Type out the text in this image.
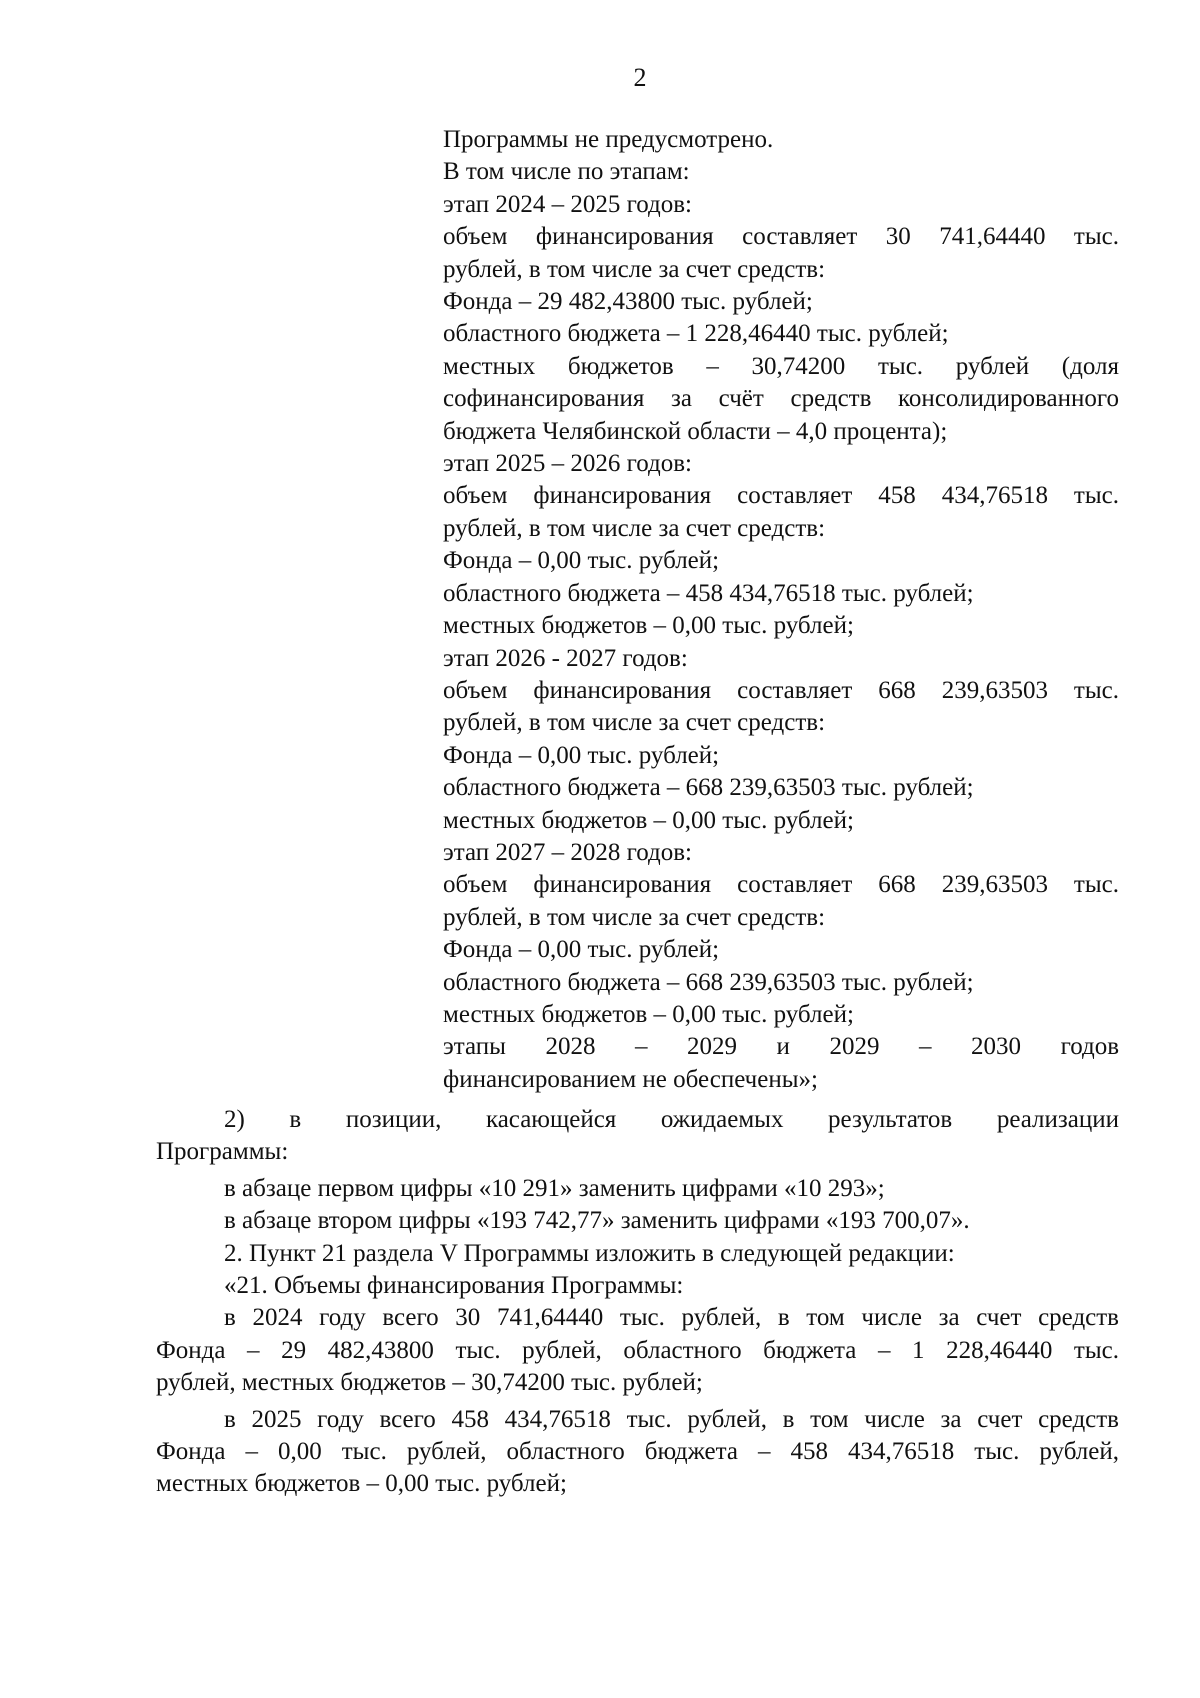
2

Программы не предусмотрено.

В том числе по этапам:

этап 2024 – 2025 годов:

объем финансирования составляет 30 741,64440 тыс.

рублей, в том числе за счет средств:

Фонда – 29 482,43800 тыс. рублей;

областного бюджета – 1 228,46440 тыс. рублей;

местных бюджетов – 30,74200 тыс. рублей (доля

софинансирования за счёт средств консолидированного

бюджета Челябинской области – 4,0 процента);

этап 2025 – 2026 годов:

объем финансирования составляет 458 434,76518 тыс.

рублей, в том числе за счет средств:

Фонда – 0,00 тыс. рублей;

областного бюджета – 458 434,76518 тыс. рублей;

местных бюджетов – 0,00 тыс. рублей;

этап 2026 - 2027 годов:

объем финансирования составляет 668 239,63503 тыс.

рублей, в том числе за счет средств:

Фонда – 0,00 тыс. рублей;

областного бюджета – 668 239,63503 тыс. рублей;

местных бюджетов – 0,00 тыс. рублей;

этап 2027 – 2028 годов:

объем финансирования составляет 668 239,63503 тыс.

рублей, в том числе за счет средств:

Фонда – 0,00 тыс. рублей;

областного бюджета – 668 239,63503 тыс. рублей;

местных бюджетов – 0,00 тыс. рублей;

этапы 2028 – 2029 и 2029 – 2030 годов

финансированием не обеспечены»;

2) в позиции, касающейся ожидаемых результатов реализации

Программы:

в абзаце первом цифры «10 291» заменить цифрами «10 293»;

в абзаце втором цифры «193 742,77» заменить цифрами «193 700,07».

2. Пункт 21 раздела V Программы изложить в следующей редакции:

«21. Объемы финансирования Программы:

в 2024 году всего 30 741,64440 тыс. рублей, в том числе за счет средств

Фонда – 29 482,43800 тыс. рублей, областного бюджета – 1 228,46440 тыс.

рублей, местных бюджетов – 30,74200 тыс. рублей;

в 2025 году всего 458 434,76518 тыс. рублей, в том числе за счет средств

Фонда – 0,00 тыс. рублей, областного бюджета – 458 434,76518 тыс. рублей,

местных бюджетов – 0,00 тыс. рублей;
